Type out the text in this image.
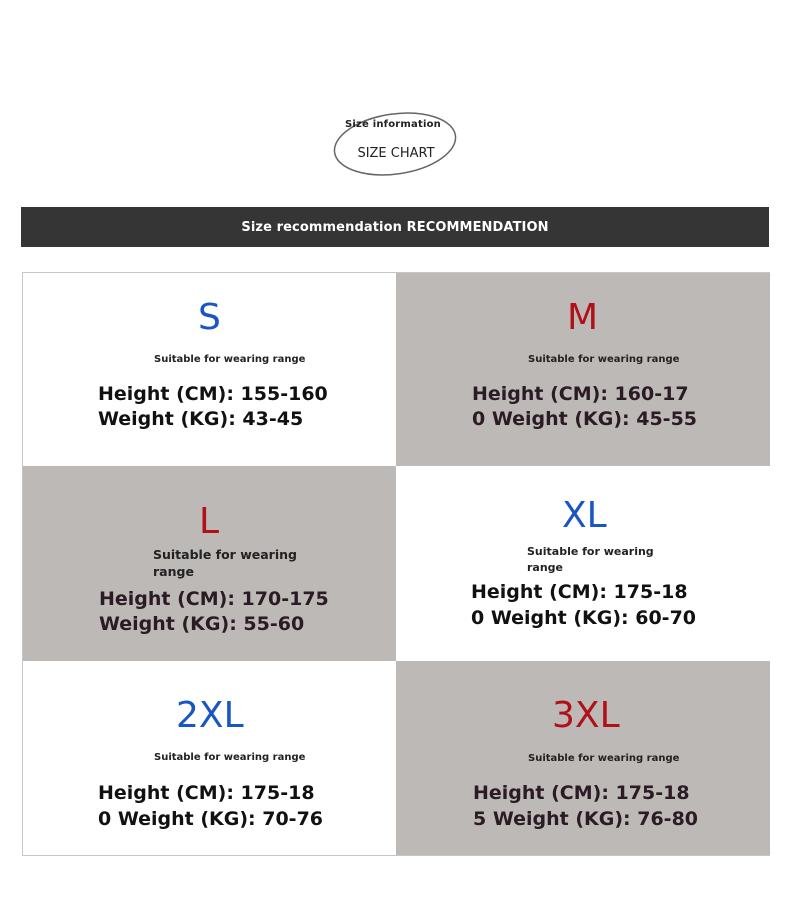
Size information
SIZE CHART
Size recommendation RECOMMENDATION
S
Suitable for wearing range
Height (CM): 155-160
Weight (KG): 43-45
M
Suitable for wearing range
Height (CM): 160-17
0 Weight (KG): 45-55
L
Suitable for wearing range
Height (CM): 170-175
Weight (KG): 55-60
XL
Suitable for wearing range
Height (CM): 175-18
0 Weight (KG): 60-70
2XL
Suitable for wearing range
Height (CM): 175-18
0 Weight (KG): 70-76
3XL
Suitable for wearing range
Height (CM): 175-18
5 Weight (KG): 76-80
